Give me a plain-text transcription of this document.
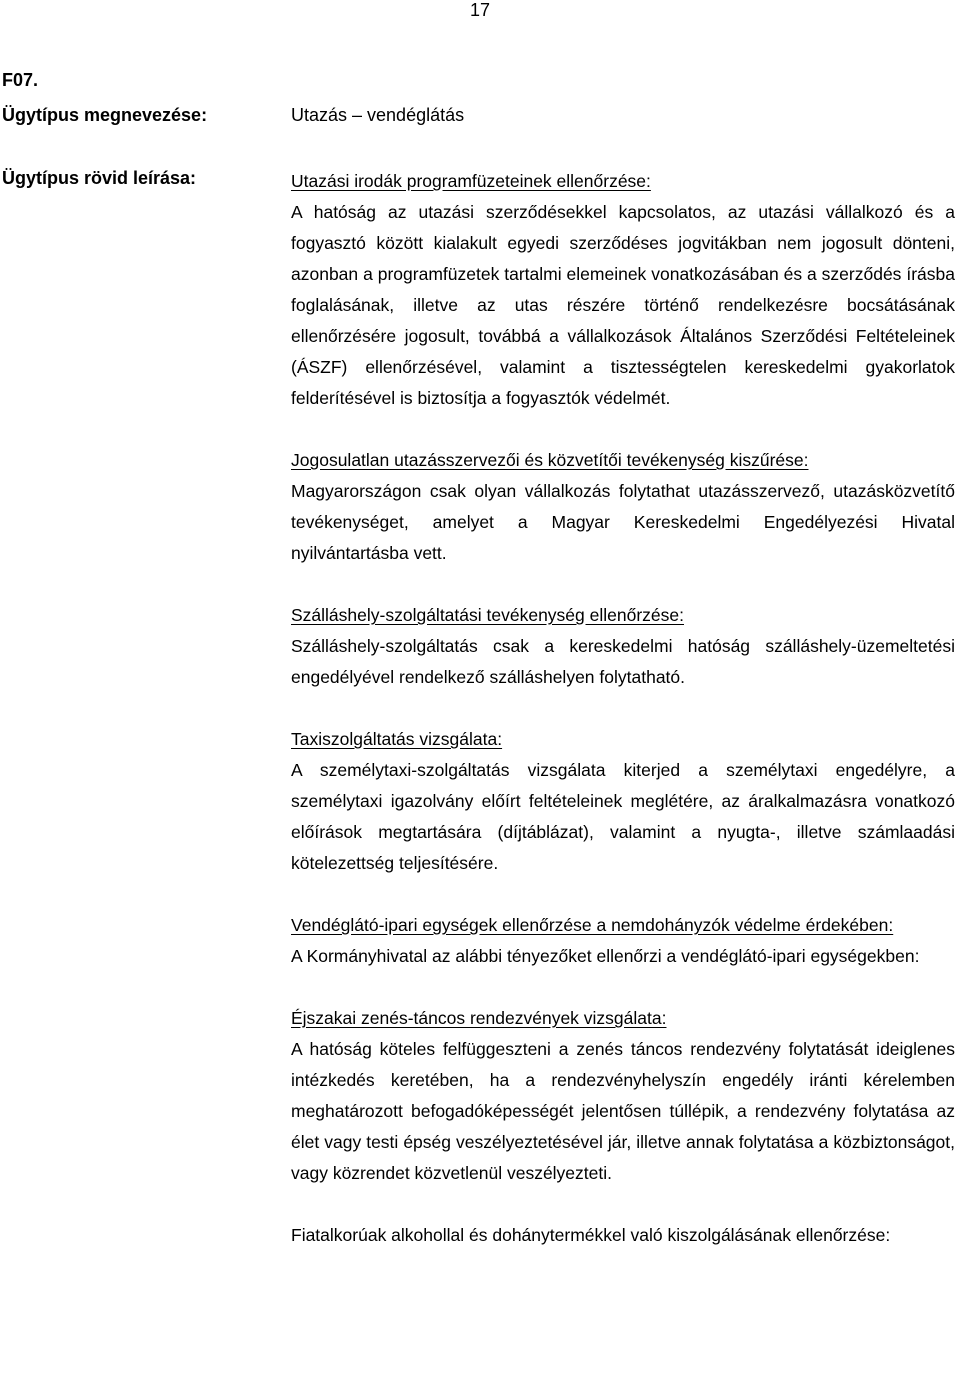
17
F07.
Ügytípus megnevezése:	Utazás – vendéglátás
Ügytípus rövid leírása:	Utazási irodák programfüzeteinek ellenőrzése:
A hatóság az utazási szerződésekkel kapcsolatos, az utazási vállalkozó és a fogyasztó között kialakult egyedi szerződéses jogvitákban nem jogosult dönteni, azonban a programfüzetek tartalmi elemeinek vonatkozásában és a szerződés írásba foglalásának, illetve az utas részére történő rendelkezésre bocsátásának ellenőrzésére jogosult, továbbá a vállalkozások Általános Szerződési Feltételeinek (ÁSZF) ellenőrzésével, valamint a tisztességtelen kereskedelmi gyakorlatok felderítésével is biztosítja a fogyasztók védelmét.

Jogosulatlan utazásszervezői és közvetítői tevékenység kiszűrése:
Magyarországon csak olyan vállalkozás folytathat utazásszervező, utazásközvetítő tevékenységet, amelyet a Magyar Kereskedelmi Engedélyezési Hivatal nyilvántartásba vett.

Szálláshely-szolgáltatási tevékenység ellenőrzése:
Szálláshely-szolgáltatás csak a kereskedelmi hatóság szálláshely-üzemeltetési engedélyével rendelkező szálláshelyen folytatható.

Taxiszolgáltatás vizsgálata:
A személytaxi-szolgáltatás vizsgálata kiterjed a személytaxi engedélyre, a személytaxi igazolvány előírt feltételeinek meglétére, az áralkalmazásra vonatkozó előírások megtartására (díjtáblázat), valamint a nyugta-, illetve számlaadási kötelezettség teljesítésére.

Vendéglátó-ipari egységek ellenőrzése a nemdohányzók védelme érdekében:
A Kormányhivatal az alábbi tényezőket ellenőrzi a vendéglátó-ipari egységekben:

Éjszakai zenés-táncos rendezvények vizsgálata:
A hatóság köteles felfüggeszteni a zenés táncos rendezvény folytatását ideiglenes intézkedés keretében, ha a rendezvényhelyszín engedély iránti kérelemben meghatározott befogadóképességét jelentősen túllépik, a rendezvény folytatása az élet vagy testi épség veszélyeztetésével jár, illetve annak folytatása a közbiztonságot, vagy közrendet közvetlenül veszélyezteti.

Fiatalkorúak alkohollal és dohánytermékkel való kiszolgálásának ellenőrzése:
